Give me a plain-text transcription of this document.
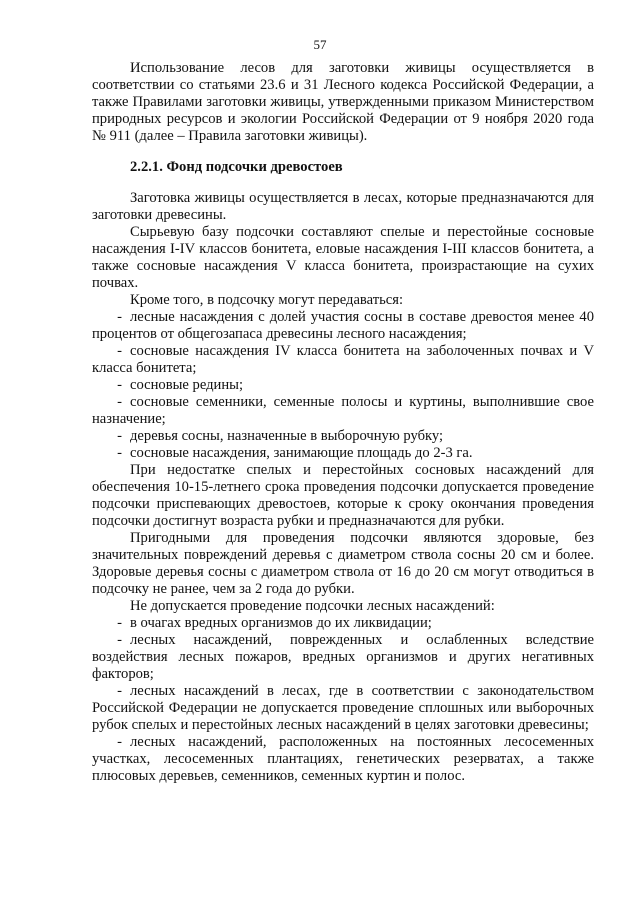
57

Использование лесов для заготовки живицы осуществляется в соответствии со статьями 23.6 и 31 Лесного кодекса Российской Федерации, а также Правилами заготовки живицы, утвержденными приказом Министерством природных ресурсов и экологии Российской Федерации от 9 ноября 2020 года № 911 (далее – Правила заготовки живицы).

2.2.1. Фонд подсочки древостоев

Заготовка живицы осуществляется в лесах, которые предназначаются для заготовки древесины.

Сырьевую базу подсочки составляют спелые и перестойные сосновые насаждения I-IV классов бонитета, еловые насаждения I-III классов бонитета, а также сосновые насаждения V класса бонитета, произрастающие на сухих почвах.

Кроме того, в подсочку могут передаваться:

- лесные насаждения с долей участия сосны в составе древостоя менее 40 процентов от общегозапаса древесины лесного насаждения;

- сосновые насаждения IV класса бонитета на заболоченных почвах и V класса бонитета;

- сосновые редины;

- сосновые семенники, семенные полосы и куртины, выполнившие свое назначение;

- деревья сосны, назначенные в выборочную рубку;

- сосновые насаждения, занимающие площадь до 2-3 га.

При недостатке спелых и перестойных сосновых насаждений для обеспечения 10-15-летнего срока проведения подсочки допускается проведение подсочки приспевающих древостоев, которые к сроку окончания проведения подсочки достигнут возраста рубки и предназначаются для рубки.

Пригодными для проведения подсочки являются здоровые, без значительных повреждений деревья с диаметром ствола сосны 20 см и более. Здоровые деревья сосны с диаметром ствола от 16 до 20 см могут отводиться в подсочку не ранее, чем за 2 года до рубки.

Не допускается проведение подсочки лесных насаждений:

- в очагах вредных организмов до их ликвидации;

- лесных насаждений, поврежденных и ослабленных вследствие воздействия лесных пожаров, вредных организмов и других негативных факторов;

- лесных насаждений в лесах, где в соответствии с законодательством Российской Федерации не допускается проведение сплошных или выборочных рубок спелых и перестойных лесных насаждений в целях заготовки древесины;

- лесных насаждений, расположенных на постоянных лесосеменных участках, лесосеменных плантациях, генетических резерватах, а также плюсовых деревьев, семенников, семенных куртин и полос.
